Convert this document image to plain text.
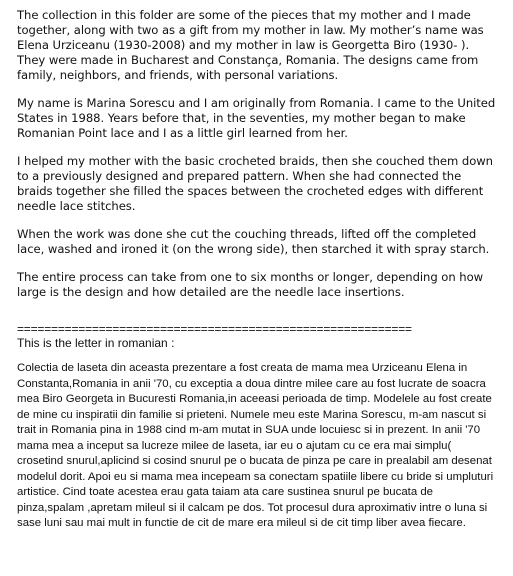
The collection in this folder are some of the pieces that my mother and I made together, along with two as a gift from my mother in law. My mother’s name was Elena Urziceanu (1930-2008) and my mother in law is Georgetta Biro (1930- ). They were made in Bucharest and Constança, Romania. The designs came from family, neighbors, and friends, with personal variations.

My name is Marina Sorescu and I am originally from Romania. I came to the United States in 1988. Years before that, in the seventies, my mother began to make Romanian Point lace and I as a little girl learned from her.

I helped my mother with the basic crocheted braids, then she couched them down to a previously designed and prepared pattern. When she had connected the braids together she filled the spaces between the crocheted edges with different needle lace stitches.

When the work was done she cut the couching threads, lifted off the completed lace, washed and ironed it (on the wrong side), then starched it with spray starch.

The entire process can take from one to six months or longer, depending on how large is the design and how detailed are the needle lace insertions.

==========================================================
This is the letter in romanian :

Colectia de laseta din aceasta prezentare a fost creata de mama mea Urziceanu Elena in Constanta,Romania in anii '70, cu exceptia a doua dintre milee care au fost lucrate de soacra mea Biro Georgeta in Bucuresti Romania,in aceeasi perioada de timp. Modelele au fost create de mine cu inspiratii din familie si prieteni. Numele meu este Marina Sorescu, m-am nascut si trait in Romania pina in 1988 cind m-am mutat in SUA unde locuiesc si in prezent. In anii '70 mama mea a inceput sa lucreze milee de laseta, iar eu o ajutam cu ce era mai simplu( crosetind snurul,aplicind si cosind snurul pe o bucata de pinza pe care in prealabil am desenat modelul dorit. Apoi eu si mama mea incepeam sa conectam spatiile libere cu bride si umpluturi artistice. Cind toate acestea erau gata taiam ata care sustinea snurul pe bucata de pinza,spalam ,apretam mileul si il calcam pe dos. Tot procesul dura aproximativ intre o luna si sase luni sau mai mult in functie de cit de mare era mileul si de cit timp liber avea fiecare.
